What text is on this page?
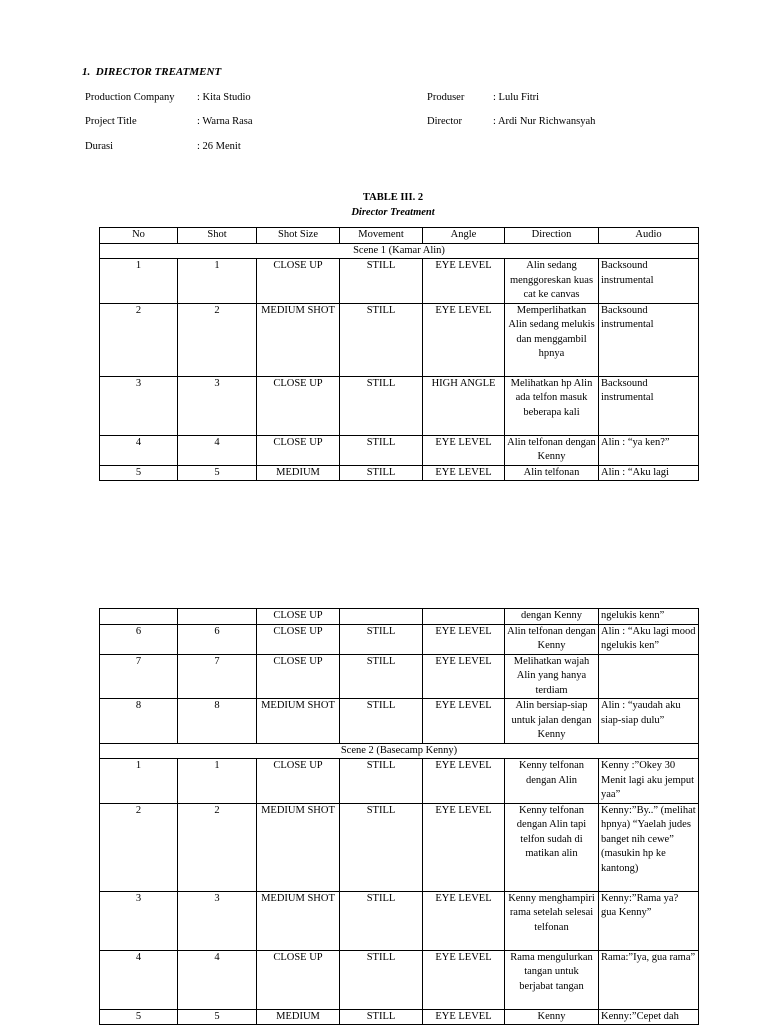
1.  DIRECTOR TREATMENT
Production Company : Kita Studio
Project Title	: Warna Rasa
Durasi	: 26 Menit
Produser	: Lulu Fitri
Director	: Ardi Nur Richwansyah
TABLE III. 2
Director Treatment
No	Shot	Shot Size	Movement	Angle	Direction	Audio
Scene 1 (Kamar Alin)						
1	1	CLOSE UP	STILL	EYE LEVEL	Alin sedang menggoreskan kuas cat ke canvas	Backsound instrumental
2	2	MEDIUM SHOT	STILL	EYE LEVEL	Memperlihatkan Alin sedang melukis dan menggambil hpnya	Backsound instrumental
3	3	CLOSE UP	STILL	HIGH ANGLE	Melihatkan hp Alin ada telfon masuk beberapa kali	Backsound instrumental
4	4	CLOSE UP	STILL	EYE LEVEL	Alin telfonan dengan Kenny	Alin : “ya ken?”
5	5	MEDIUM	STILL	EYE LEVEL	Alin telfonan	Alin : “Aku lagi
		CLOSE UP			dengan Kenny	ngelukis kenn”
6	6	CLOSE UP	STILL	EYE LEVEL	Alin telfonan dengan Kenny	Alin : “Aku lagi mood ngelukis ken”
7	7	CLOSE UP	STILL	EYE LEVEL	Melihatkan wajah Alin yang hanya terdiam	
8	8	MEDIUM SHOT	STILL	EYE LEVEL	Alin bersiap-siap untuk jalan dengan Kenny	Alin : “yaudah aku siap-siap dulu”
Scene 2 (Basecamp Kenny)						
1	1	CLOSE UP	STILL	EYE LEVEL	Kenny telfonan dengan Alin	Kenny :”Okey 30 Menit lagi aku jemput yaa”
2	2	MEDIUM SHOT	STILL	EYE LEVEL	Kenny telfonan dengan Alin tapi telfon sudah di matikan alin	Kenny:”By..” (melihat hpnya) “Yaelah judes banget nih cewe” (masukin hp ke kantong)
3	3	MEDIUM SHOT	STILL	EYE LEVEL	Kenny menghampiri rama setelah selesai telfonan	Kenny:”Rama ya? gua Kenny”
4	4	CLOSE UP	STILL	EYE LEVEL	Rama mengulurkan tangan untuk berjabat tangan	Rama:”Iya, gua rama”
5	5	MEDIUM	STILL	EYE LEVEL	Kenny	Kenny:”Cepet dah
